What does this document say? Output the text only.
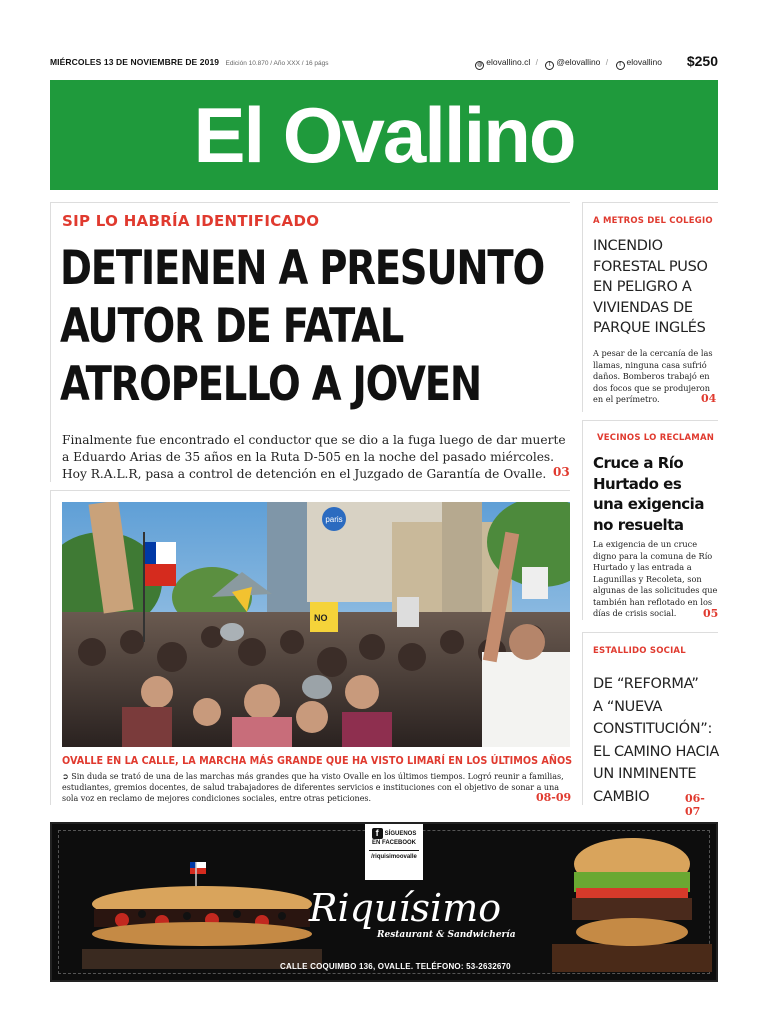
MIÉRCOLES 13 DE NOVIEMBRE DE 2019 Edición 10.870 / Año XXX / 16 págs	◍ elovallino.cl / t @elovallino / f elovallino $250
El Ovallino
SIP LO HABRÍA IDENTIFICADO
DETIENEN A PRESUNTO
AUTOR DE FATAL
ATROPELLO A JOVEN
Finalmente fue encontrado el conductor que se dio a la fuga luego de dar muerte a Eduardo Arias de 35 años en la Ruta D-505 en la noche del pasado miércoles. Hoy R.A.L.R, pasa a control de detención en el Juzgado de Garantía de Ovalle. 03
paris
NO
OVALLE EN LA CALLE, LA MARCHA MÁS GRANDE QUE HA VISTO LIMARÍ EN LOS ÚLTIMOS AÑOS
➲ Sin duda se trató de una de las marchas más grandes que ha visto Ovalle en los últimos tiempos. Logró reunir a familias, estudiantes, gremios docentes, de salud trabajadores de diferentes servicios e instituciones con el objetivo de sonar a una sola voz en reclamo de mejores condiciones sociales, entre otras peticiones.	08-09
A METROS DEL COLEGIO
INCENDIO
FORESTAL PUSO
EN PELIGRO A
VIVIENDAS DE
PARQUE INGLÉS
A pesar de la cercanía de las llamas, ninguna casa sufrió daños. Bomberos trabajó en dos focos que se produjeron en el perímetro.	04
VECINOS LO RECLAMAN
Cruce a Río
Hurtado es
una exigencia
no resuelta
La exigencia de un cruce digno para la comuna de Río Hurtado y las entrada a Lagunillas y Recoleta, son algunas de las solicitudes que también han reflotado en los días de crisis social.	05
ESTALLIDO SOCIAL
DE “REFORMA”
A “NUEVA
CONSTITUCIÓN”:
EL CAMINO HACIA
UN INMINENTE
CAMBIO	06-07
f SÍGUENOS
EN FACEBOOK
/riquisimoovalle
Riquísimo
Restaurant & Sandwichería
CALLE COQUIMBO 136, OVALLE. TELÉFONO: 53-2632670
